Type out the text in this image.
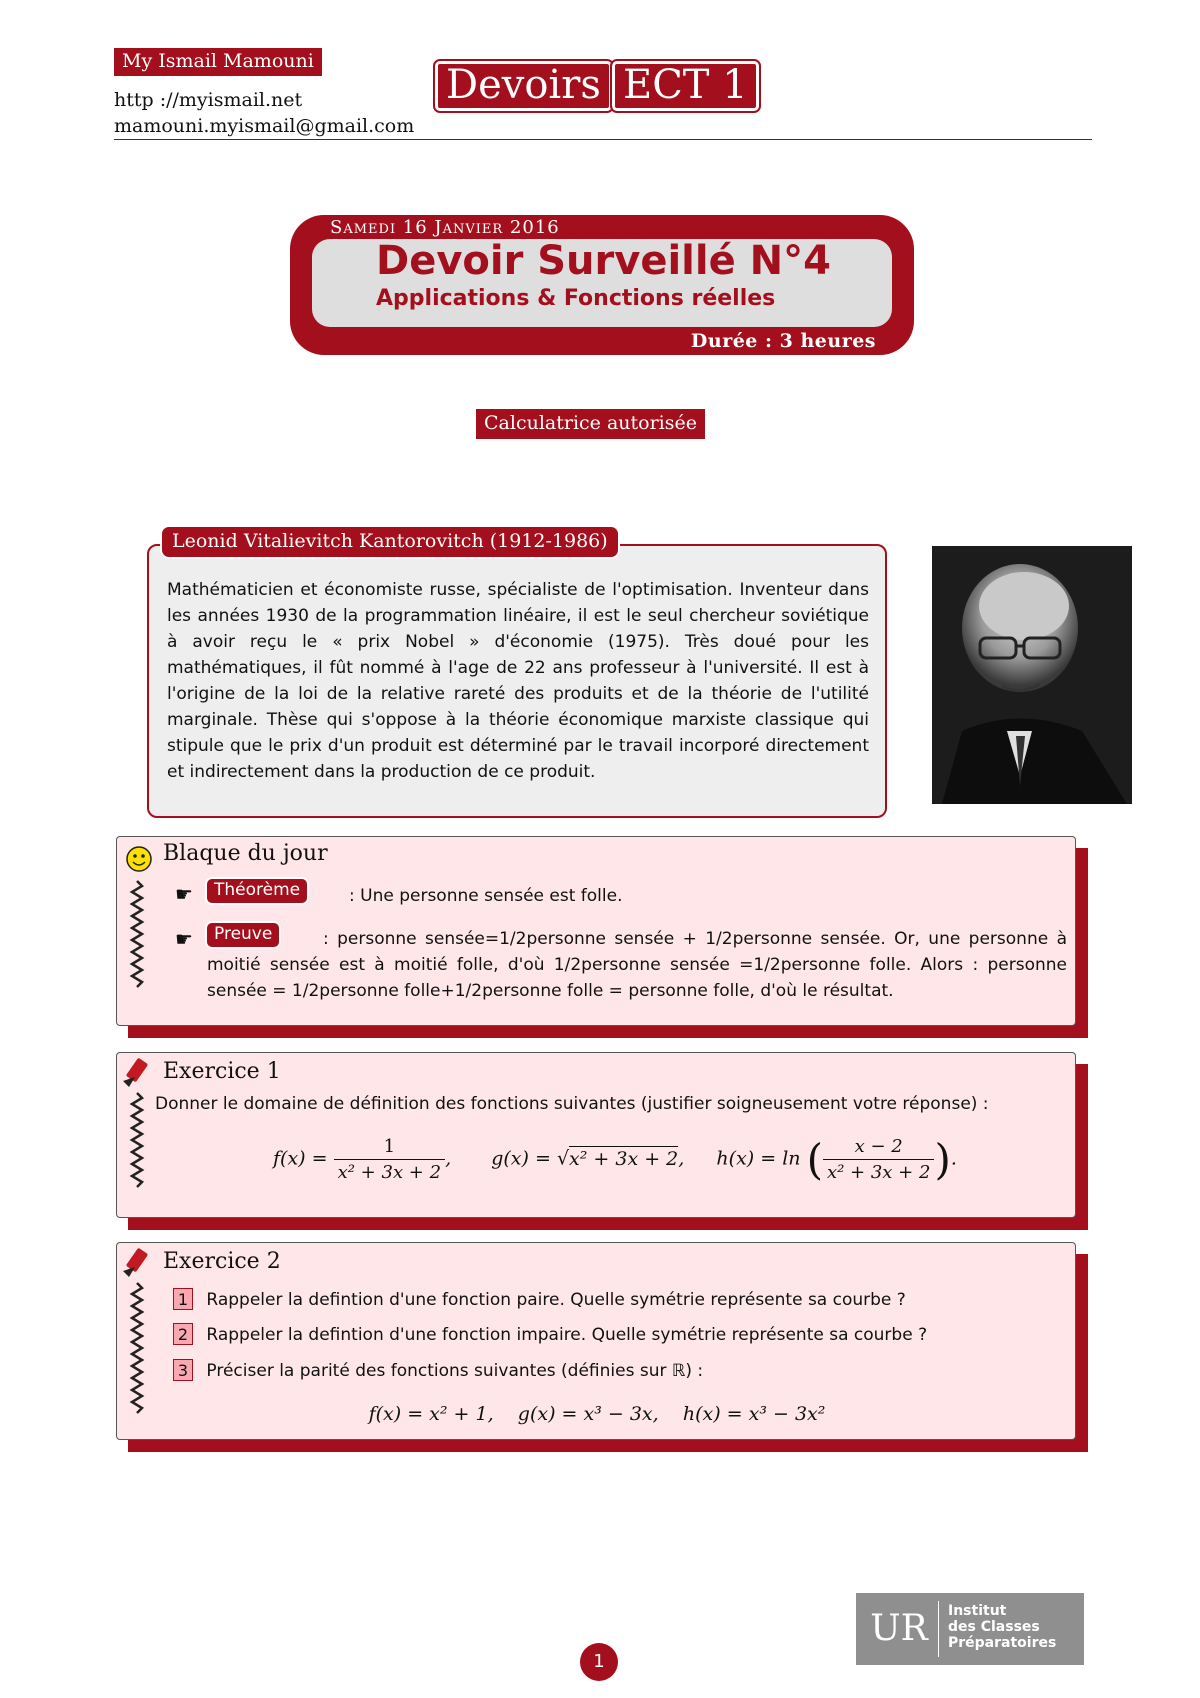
My Ismail Mamouni
http ://myismail.net
mamouni.myismail@gmail.com
Devoirs ECT 1
Samedi 16 Janvier 2016
Devoir Surveillé N°4
Applications & Fonctions réelles
Durée : 3 heures
Calculatrice autorisée
Leonid Vitalievitch Kantorovitch (1912-1986)
Mathématicien et économiste russe, spécialiste de l'optimisation. Inventeur dans les années 1930 de la programmation linéaire, il est le seul chercheur soviétique à avoir reçu le « prix Nobel » d'économie (1975). Très doué pour les mathématiques, il fût nommé à l'age de 22 ans professeur à l'université. Il est à l'origine de la loi de la relative rareté des produits et de la théorie de l'utilité marginale. Thèse qui s'oppose à la théorie économique marxiste classique qui stipule que le prix d'un produit est déterminé par le travail incorporé directement et indirectement dans la production de ce produit.
Blaque du jour
☛	Théorème	: Une personne sensée est folle.
☛	Preuve	: personne sensée=1/2personne sensée + 1/2personne sensée. Or, une personne à moitié sensée est à moitié folle, d'où 1/2personne sensée =1/2personne folle. Alors : personne sensée = 1/2personne folle+1/2personne folle = personne folle, d'où le résultat.
Exercice 1
Donner le domaine de définition des fonctions suivantes (justifier soigneusement votre réponse) :
$f(x) = \frac{1}{\text{x² + 3x + 2}}$ ,  g(x) = √x² + 3x + 2,  h(x) = ln ( $\frac{x - 2}{\text{x² + 3x + 2}}$ ).
Exercice 2
1 Rappeler la defintion d'une fonction paire. Quelle symétrie représente sa courbe ?
2 Rappeler la defintion d'une fonction impaire. Quelle symétrie représente sa courbe ?
3 Préciser la parité des fonctions suivantes (définies sur ℝ) :
f(x) = x² + 1,    g(x) = x³ − 3x,    h(x) = x³ − 3x²
1
UR	Institut
des Classes
Préparatoires
